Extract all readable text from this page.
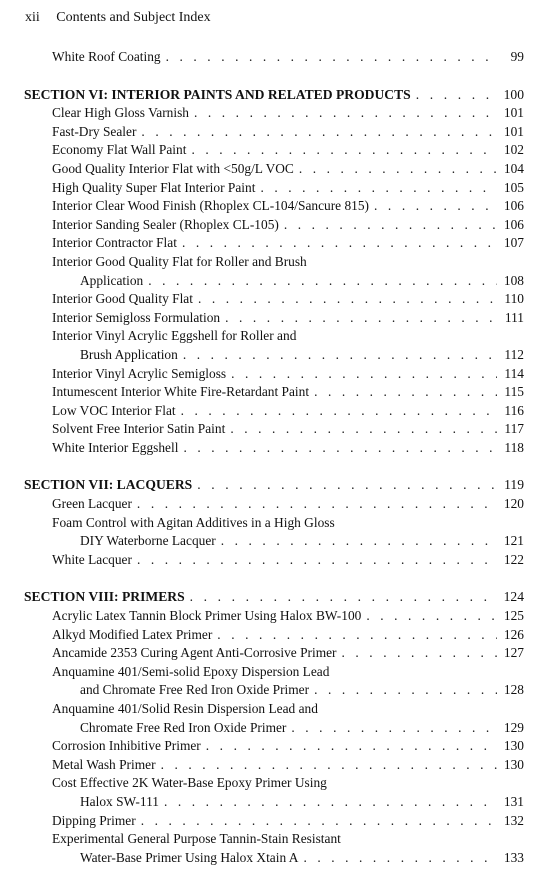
xii Contents and Subject Index
White Roof Coating . . .	99
SECTION VI: INTERIOR PAINTS AND RELATED PRODUCTS . . .	100
Clear High Gloss Varnish . . .	101
Fast-Dry Sealer . . .	101
Economy Flat Wall Paint . . .	102
Good Quality Interior Flat with <50g/L VOC . . .	104
High Quality Super Flat Interior Paint . . .	105
Interior Clear Wood Finish (Rhoplex CL-104/Sancure 815) . . .	106
Interior Sanding Sealer (Rhoplex CL-105) . . .	106
Interior Contractor Flat . . .	107
Interior Good Quality Flat for Roller and Brush
Application . . .	108
Interior Good Quality Flat . . .	110
Interior Semigloss Formulation . . .	111
Interior Vinyl Acrylic Eggshell for Roller and
Brush Application . . .	112
Interior Vinyl Acrylic Semigloss . . .	114
Intumescent Interior White Fire-Retardant Paint . . .	115
Low VOC Interior Flat . . .	116
Solvent Free Interior Satin Paint . . .	117
White Interior Eggshell . . .	118
SECTION VII: LACQUERS . . .	119
Green Lacquer . . .	120
Foam Control with Agitan Additives in a High Gloss
DIY Waterborne Lacquer . . .	121
White Lacquer . . .	122
SECTION VIII: PRIMERS . . .	124
Acrylic Latex Tannin Block Primer Using Halox BW-100 . . .	125
Alkyd Modified Latex Primer . . .	126
Ancamide 2353 Curing Agent Anti-Corrosive Primer . . .	127
Anquamine 401/Semi-solid Epoxy Dispersion Lead
and Chromate Free Red Iron Oxide Primer . . .	128
Anquamine 401/Solid Resin Dispersion Lead and
Chromate Free Red Iron Oxide Primer . . .	129
Corrosion Inhibitive Primer . . .	130
Metal Wash Primer . . .	130
Cost Effective 2K Water-Base Epoxy Primer Using
Halox SW-111 . . .	131
Dipping Primer . . .	132
Experimental General Purpose Tannin-Stain Resistant
Water-Base Primer Using Halox Xtain A . . .	133
